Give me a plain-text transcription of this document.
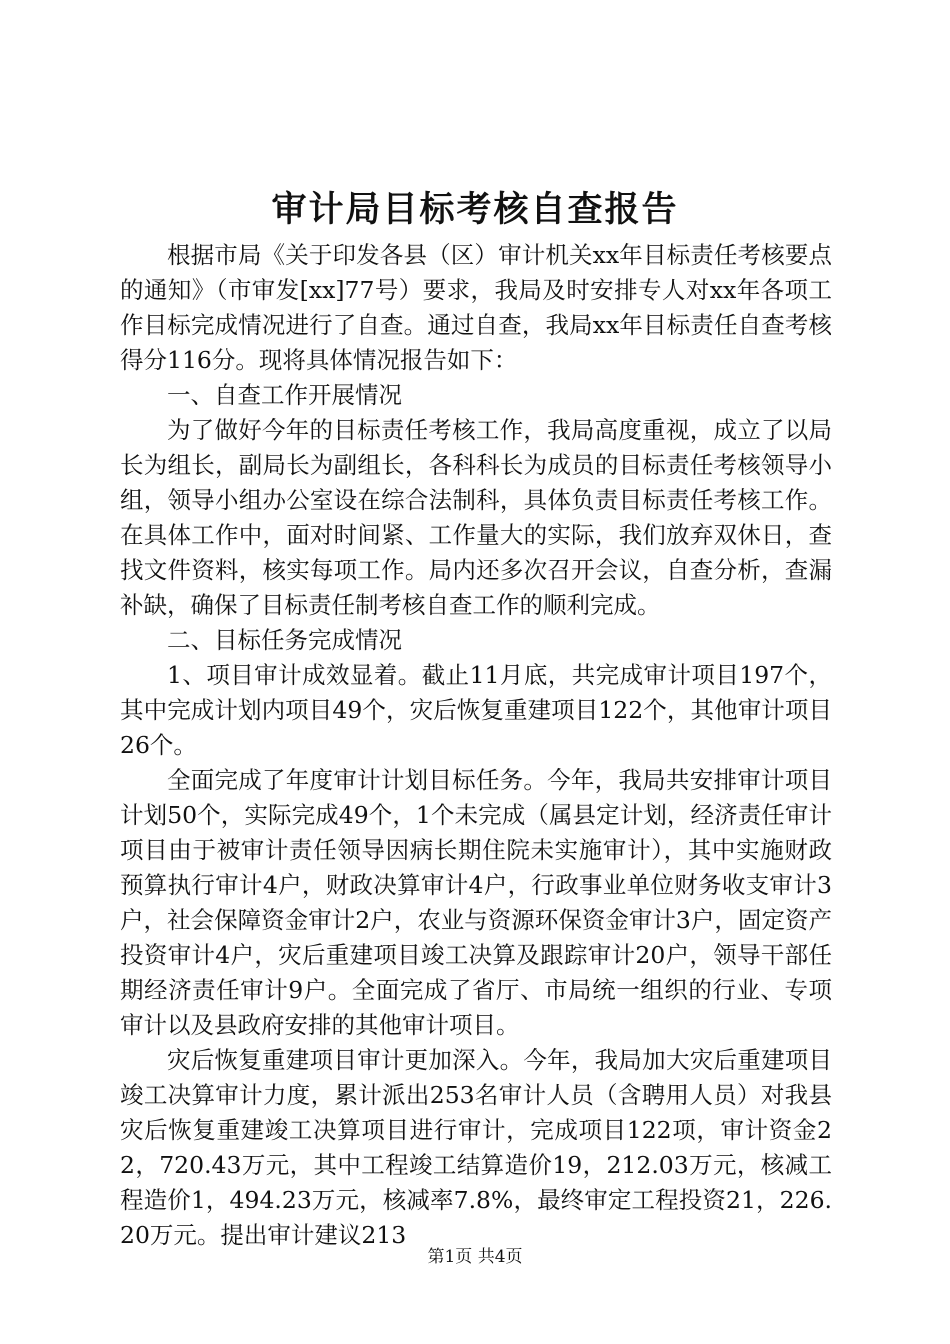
审计局目标考核自查报告

根据市局《关于印发各县（区）审计机关xx年目标责任考核要点的通知》（市审发[xx]77号）要求，我局及时安排专人对xx年各项工作目标完成情况进行了自查。通过自查，我局xx年目标责任自查考核得分116分。现将具体情况报告如下：

一、自查工作开展情况

为了做好今年的目标责任考核工作，我局高度重视，成立了以局长为组长，副局长为副组长，各科科长为成员的目标责任考核领导小组，领导小组办公室设在综合法制科，具体负责目标责任考核工作。在具体工作中，面对时间紧、工作量大的实际，我们放弃双休日，查找文件资料，核实每项工作。局内还多次召开会议，自查分析，查漏补缺，确保了目标责任制考核自查工作的顺利完成。

二、目标任务完成情况

1、项目审计成效显着。截止11月底，共完成审计项目197个，其中完成计划内项目49个，灾后恢复重建项目122个，其他审计项目26个。

全面完成了年度审计计划目标任务。今年，我局共安排审计项目计划50个，实际完成49个，1个未完成（属县定计划，经济责任审计项目由于被审计责任领导因病长期住院未实施审计），其中实施财政预算执行审计4户，财政决算审计4户，行政事业单位财务收支审计3户，社会保障资金审计2户，农业与资源环保资金审计3户，固定资产投资审计4户，灾后重建项目竣工决算及跟踪审计20户，领导干部任期经济责任审计9户。全面完成了省厅、市局统一组织的行业、专项审计以及县政府安排的其他审计项目。

灾后恢复重建项目审计更加深入。今年，我局加大灾后重建项目竣工决算审计力度，累计派出253名审计人员（含聘用人员）对我县灾后恢复重建竣工决算项目进行审计，完成项目122项，审计资金22，720.43万元，其中工程竣工结算造价19，212.03万元，核减工程造价1，494.23万元，核减率7.8%，最终审定工程投资21，226.20万元。提出审计建议213

第1页 共4页
